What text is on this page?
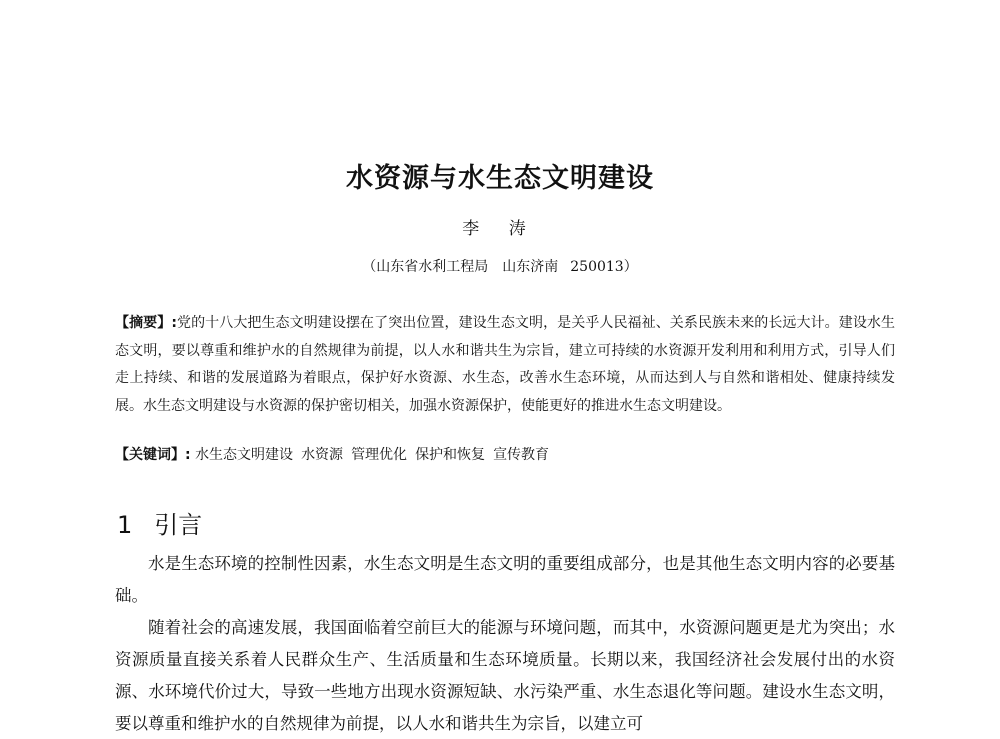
水资源与水生态文明建设
李 涛
（山东省水利工程局　山东济南 250013）
【摘要】:党的十八大把生态文明建设摆在了突出位置，建设生态文明，是关乎人民福祉、关系民族未来的长远大计。建设水生态文明，要以尊重和维护水的自然规律为前提，以人水和谐共生为宗旨，建立可持续的水资源开发利用和利用方式，引导人们走上持续、和谐的发展道路为着眼点，保护好水资源、水生态，改善水生态环境，从而达到人与自然和谐相处、健康持续发展。水生态文明建设与水资源的保护密切相关，加强水资源保护，使能更好的推进水生态文明建设。
【关键词】: 水生态文明建设 水资源 管理优化 保护和恢复 宣传教育
1 引言

水是生态环境的控制性因素，水生态文明是生态文明的重要组成部分，也是其他生态文明内容的必要基础。

随着社会的高速发展，我国面临着空前巨大的能源与环境问题，而其中，水资源问题更是尤为突出；水资源质量直接关系着人民群众生产、生活质量和生态环境质量。长期以来，我国经济社会发展付出的水资源、水环境代价过大，导致一些地方出现水资源短缺、水污染严重、水生态退化等问题。建设水生态文明，要以尊重和维护水的自然规律为前提，以人水和谐共生为宗旨，以建立可
